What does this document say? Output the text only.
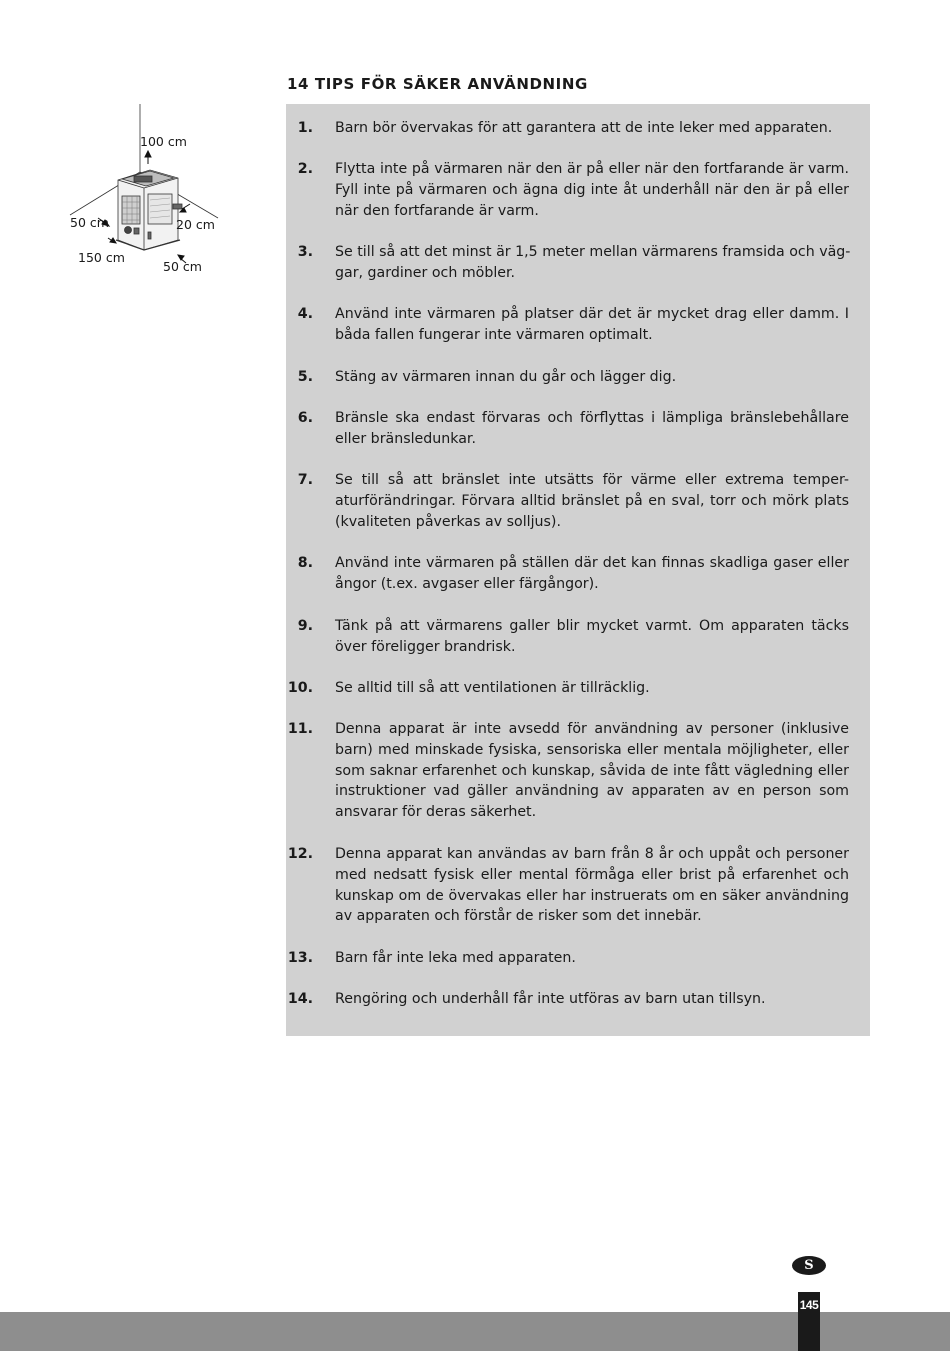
14 TIPS FÖR SÄKER ANVÄNDNING
100 cm
50 cm	20 cm
150 cm
50 cm
1. Barn bör övervakas för att garantera att de inte leker med apparaten.
2. Flytta inte på värmaren när den är på eller när den fortfarande är varm.
Fyll inte på värmaren och ägna dig inte åt underhåll när den är på eller
när den fortfarande är varm.
3. Se till så att det minst är 1,5 meter mellan värmarens framsida och väg-
gar, gardiner och möbler.
4. Använd inte värmaren på platser där det är mycket drag eller damm. I
båda fallen fungerar inte värmaren optimalt.
5. Stäng av värmaren innan du går och lägger dig.
6. Bränsle ska endast förvaras och förflyttas i lämpliga bränslebehållare
eller bränsledunkar.
7. Se till så att bränslet inte utsätts för värme eller extrema temper-
aturförändringar. Förvara alltid bränslet på en sval, torr och mörk plats
(kvaliteten påverkas av solljus).
8. Använd inte värmaren på ställen där det kan finnas skadliga gaser eller
ångor (t.ex. avgaser eller färgångor).
9. Tänk på att värmarens galler blir mycket varmt. Om apparaten täcks
över föreligger brandrisk.
10. Se alltid till så att ventilationen är tillräcklig.
11. Denna apparat är inte avsedd för användning av personer (inklusive
barn) med minskade fysiska, sensoriska eller mentala möjligheter, eller
som saknar erfarenhet och kunskap, såvida de inte fått vägledning eller
instruktioner vad gäller användning av apparaten av en person som
ansvarar för deras säkerhet.
12. Denna apparat kan användas av barn från 8 år och uppåt och personer
med nedsatt fysisk eller mental förmåga eller brist på erfarenhet och
kunskap om de övervakas eller har instruerats om en säker användning
av apparaten och förstår de risker som det innebär.
13. Barn får inte leka med apparaten.
14. Rengöring och underhåll får inte utföras av barn utan tillsyn.
S
145
